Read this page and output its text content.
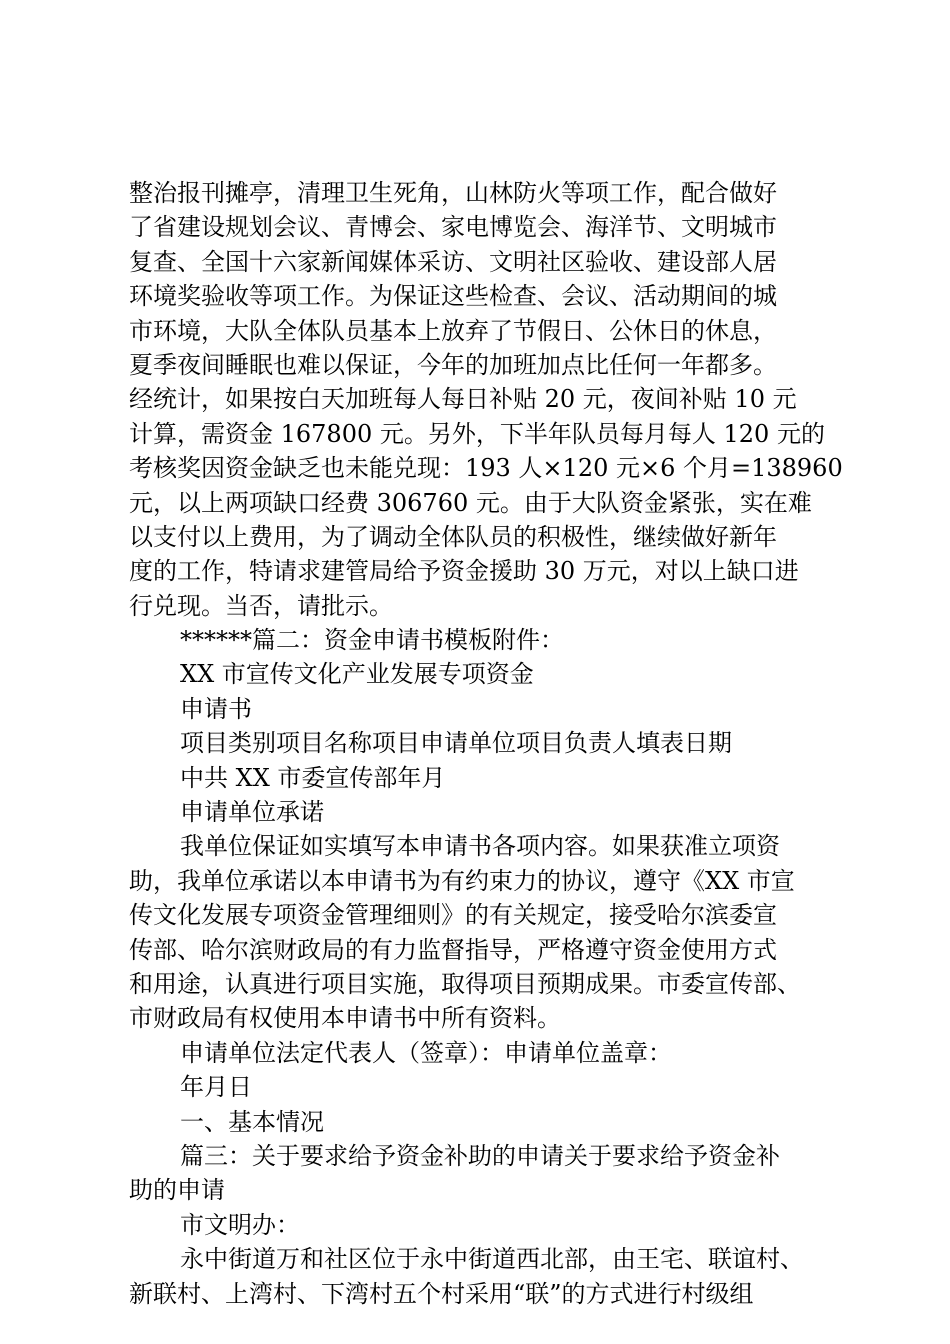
整治报刊摊亭，清理卫生死角，山林防火等项工作，配合做好
了省建设规划会议、青博会、家电博览会、海洋节、文明城市
复查、全国十六家新闻媒体采访、文明社区验收、建设部人居
环境奖验收等项工作。为保证这些检查、会议、活动期间的城
市环境，大队全体队员基本上放弃了节假日、公休日的休息，
夏季夜间睡眠也难以保证，今年的加班加点比任何一年都多。
经统计，如果按白天加班每人每日补贴 20 元，夜间补贴 10 元
计算，需资金 167800 元。另外，下半年队员每月每人 120 元的
考核奖因资金缺乏也未能兑现：193 人×120 元×6 个月=138960
元，以上两项缺口经费 306760 元。由于大队资金紧张，实在难
以支付以上费用，为了调动全体队员的积极性，继续做好新年
度的工作，特请求建管局给予资金援助 30 万元，对以上缺口进
行兑现。当否，请批示。
******篇二：资金申请书模板附件：
XX 市宣传文化产业发展专项资金
申请书
项目类别项目名称项目申请单位项目负责人填表日期
中共 XX 市委宣传部年月
申请单位承诺
我单位保证如实填写本申请书各项内容。如果获准立项资
助，我单位承诺以本申请书为有约束力的协议，遵守《XX 市宣
传文化发展专项资金管理细则》的有关规定，接受哈尔滨委宣
传部、哈尔滨财政局的有力监督指导，严格遵守资金使用方式
和用途，认真进行项目实施，取得项目预期成果。市委宣传部、
市财政局有权使用本申请书中所有资料。
申请单位法定代表人（签章）：申请单位盖章：
年月日
一、基本情况
篇三：关于要求给予资金补助的申请关于要求给予资金补
助的申请
市文明办：
永中街道万和社区位于永中街道西北部，由王宅、联谊村、
新联村、上湾村、下湾村五个村采用“联”的方式进行村级组
